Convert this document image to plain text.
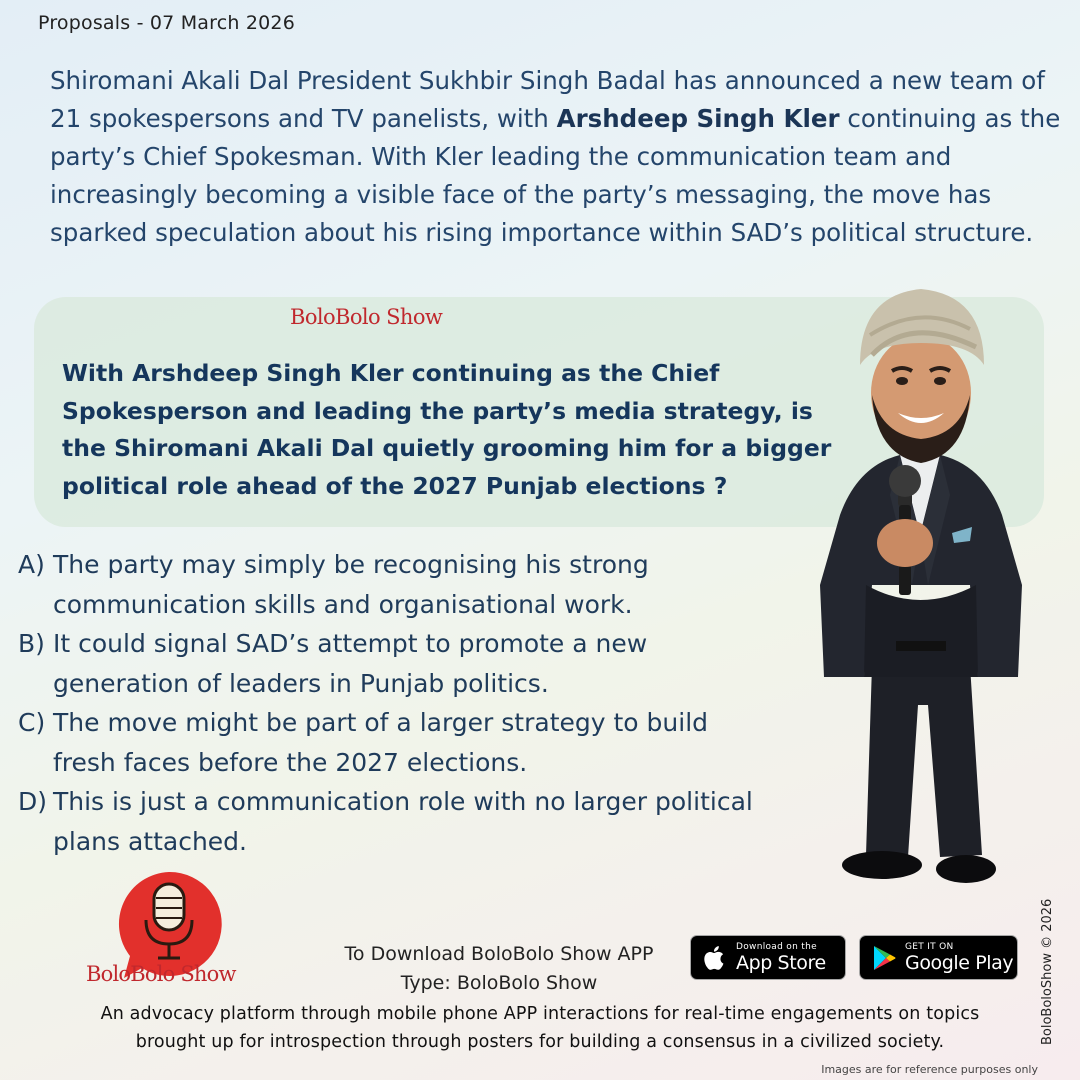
Proposals - 07 March 2026

Shiromani Akali Dal President Sukhbir Singh Badal has announced a new team of 21 spokespersons and TV panelists, with Arshdeep Singh Kler continuing as the party’s Chief Spokesman. With Kler leading the communication team and increasingly becoming a visible face of the party’s messaging, the move has sparked speculation about his rising importance within SAD’s political structure.

BoloBolo Show

With Arshdeep Singh Kler continuing as the Chief Spokesperson and leading the party’s media strategy, is the Shiromani Akali Dal quietly grooming him for a bigger political role ahead of the 2027 Punjab elections ?

A) The party may simply be recognising his strong communication skills and organisational work.
B) It could signal SAD’s attempt to promote a new generation of leaders in Punjab politics.
C) The move might be part of a larger strategy to build fresh faces before the 2027 elections.
D) This is just a communication role with no larger political plans attached.
BoloBolo Show
To Download BoloBolo Show APP
Type: BoloBolo Show
Download on the
App Store
GET IT ON
Google Play

An advocacy platform through mobile phone APP interactions for real-time engagements on topics
brought up for introspection through posters for building a consensus in a civilized society.	BoloBoloShow © 2026
Images are for reference purposes only
